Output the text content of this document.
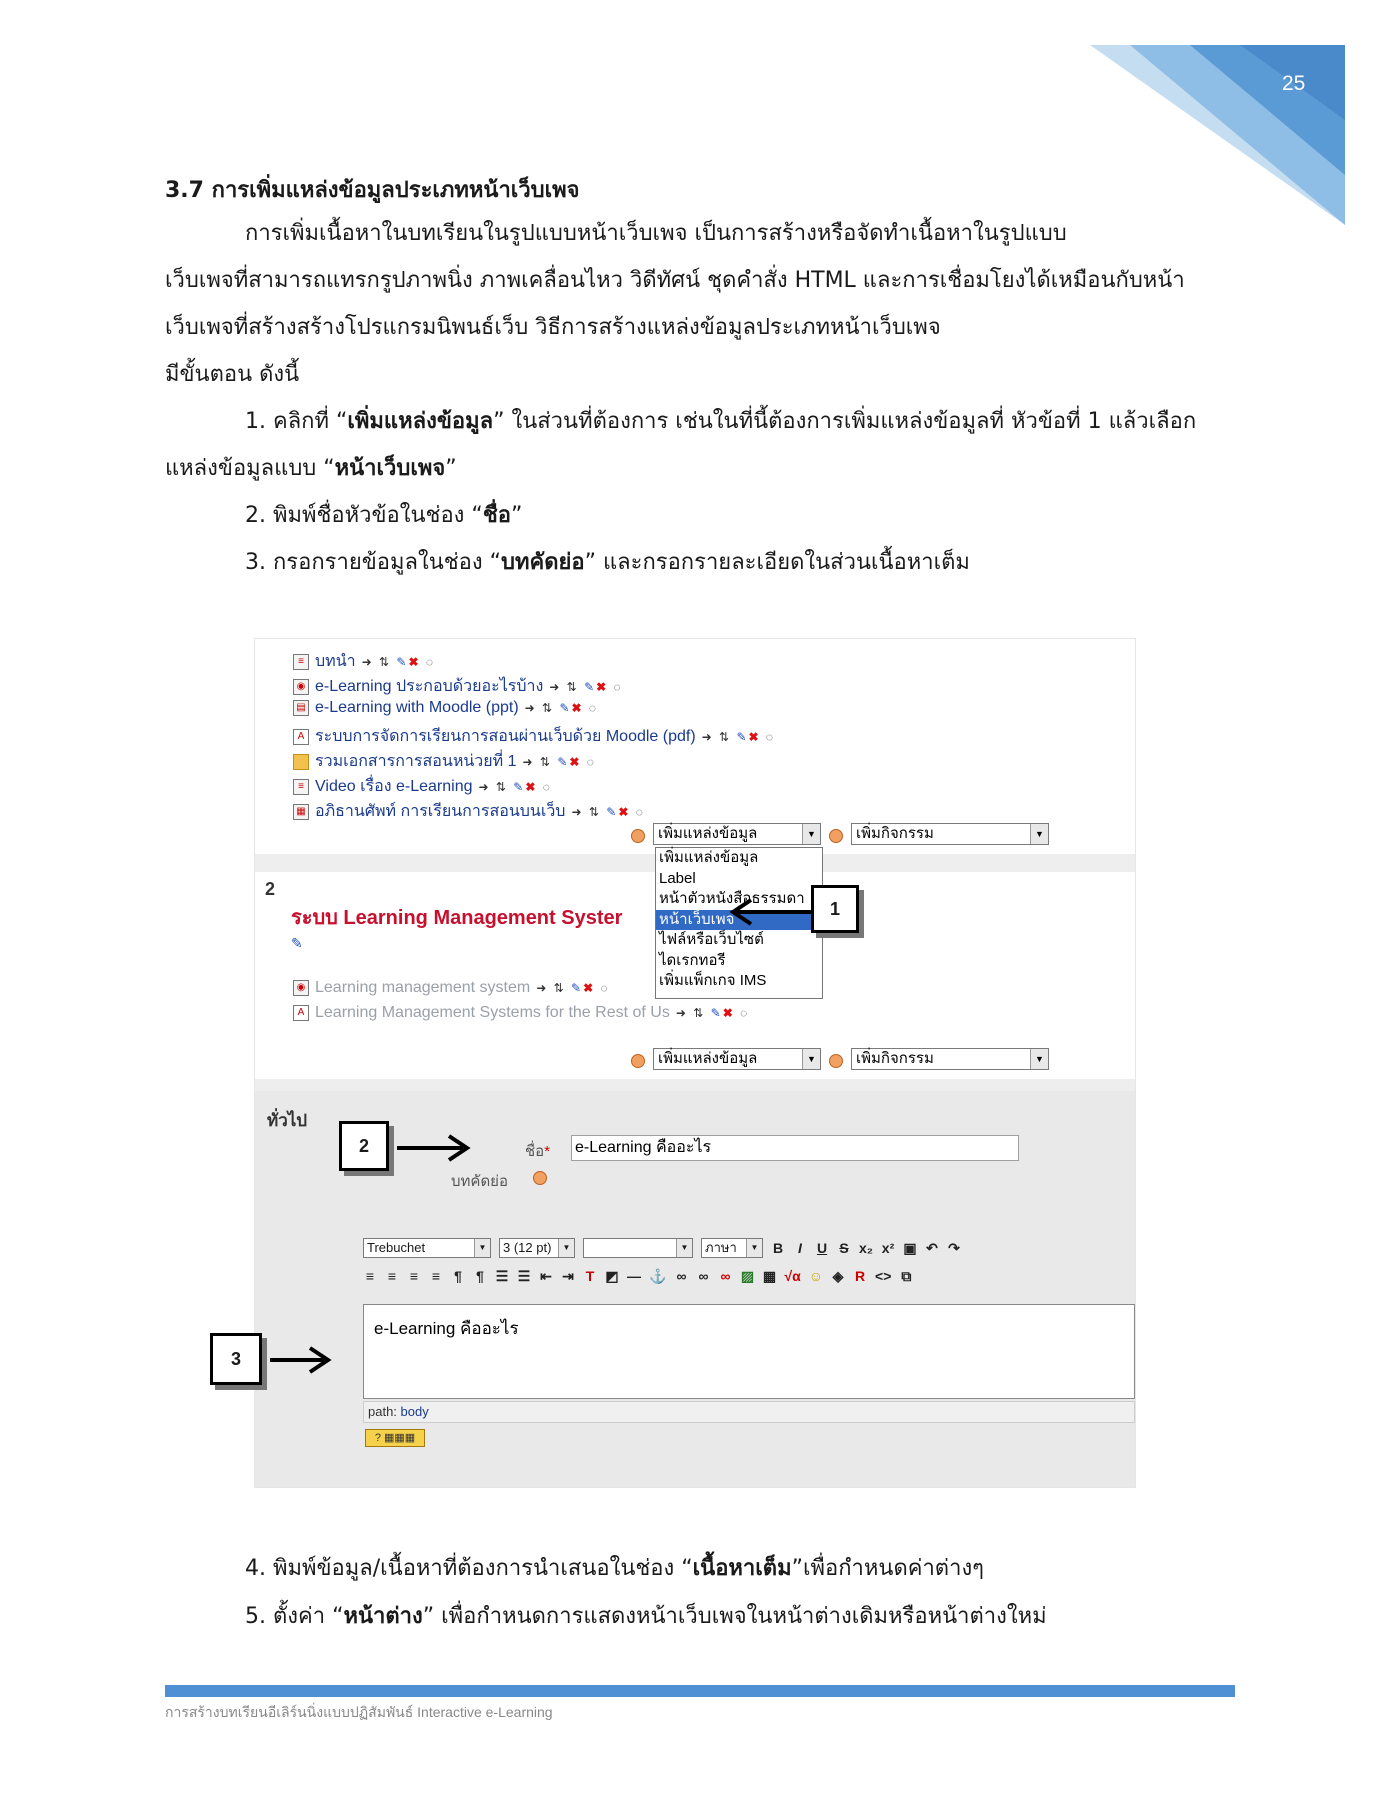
25
3.7 การเพิ่มแหล่งข้อมูลประเภทหน้าเว็บเพจ
การเพิ่มเนื้อหาในบทเรียนในรูปแบบหน้าเว็บเพจ เป็นการสร้างหรือจัดทำเนื้อหาในรูปแบบ
เว็บเพจที่สามารถแทรกรูปภาพนิ่ง ภาพเคลื่อนไหว วิดีทัศน์ ชุดคำสั่ง HTML และการเชื่อมโยงได้เหมือนกับหน้า
เว็บเพจที่สร้างสร้างโปรแกรมนิพนธ์เว็บ วิธีการสร้างแหล่งข้อมูลประเภทหน้าเว็บเพจ
มีขั้นตอน ดังนี้
1. คลิกที่ “เพิ่มแหล่งข้อมูล” ในส่วนที่ต้องการ เช่นในที่นี้ต้องการเพิ่มแหล่งข้อมูลที่ หัวข้อที่ 1 แล้วเลือก
แหล่งข้อมูลแบบ “หน้าเว็บเพจ”
2. พิมพ์ชื่อหัวข้อในช่อง “ชื่อ”
3. กรอกรายข้อมูลในช่อง “บทคัดย่อ” และกรอกรายละเอียดในส่วนเนื้อหาเต็ม
≡ บทนำ ➜ ⇅ ✎✖ ◌
◉ e-Learning ประกอบด้วยอะไรบ้าง ➜ ⇅ ✎✖ ◌
▤ e-Learning with Moodle (ppt) ➜ ⇅ ✎✖ ◌
A ระบบการจัดการเรียนการสอนผ่านเว็บด้วย Moodle (pdf) ➜ ⇅ ✎✖ ◌
รวมเอกสารการสอนหน่วยที่ 1 ➜ ⇅ ✎✖ ◌
≡ Video เรื่อง e-Learning ➜ ⇅ ✎✖ ◌
▦ อภิธานศัพท์ การเรียนการสอนบนเว็บ ➜ ⇅ ✎✖ ◌
เพิ่มแหล่งข้อมูล	▼	เพิ่มกิจกรรม	▼
2
ระบบ Learning Management Syster
✎
◉ Learning management system ➜ ⇅ ✎✖ ◌
A Learning Management Systems for the Rest of Us ➜ ⇅ ✎✖ ◌
เพิ่มแหล่งข้อมูล	▼	เพิ่มกิจกรรม	▼
เพิ่มแหล่งข้อมูล
Label
หน้าตัวหนังสือธรรมดา
หน้าเว็บเพจ
ไฟล์หรือเว็บไซต์
ไดเรกทอรี
เพิ่มแพ็กเกจ IMS
1
ทั่วไป
2	ชื่อ* e-Learning คืออะไร
บทคัดย่อ
Trebuchet	▼	3 (12 pt)	▼	▼	ภาษา	▼ B	I	U S x₂ x² ▣ ↶ ↷
≡ ≡ ≡ ≡ ¶ ¶ ☰ ☰ ⇤ ⇥ T ◩ — ⚓ ∞ ∞ ∞ ▨ ▦ √α ☺ ◈ R <> ⧉
e-Learning คืออะไร
path: body
? ▦▦▦
3
4. พิมพ์ข้อมูล/เนื้อหาที่ต้องการนำเสนอในช่อง “เนื้อหาเต็ม”เพื่อกำหนดค่าต่างๆ
5. ตั้งค่า “หน้าต่าง” เพื่อกำหนดการแสดงหน้าเว็บเพจในหน้าต่างเดิมหรือหน้าต่างใหม่
การสร้างบทเรียนอีเลิร์นนิ่งแบบปฏิสัมพันธ์ Interactive e-Learning
